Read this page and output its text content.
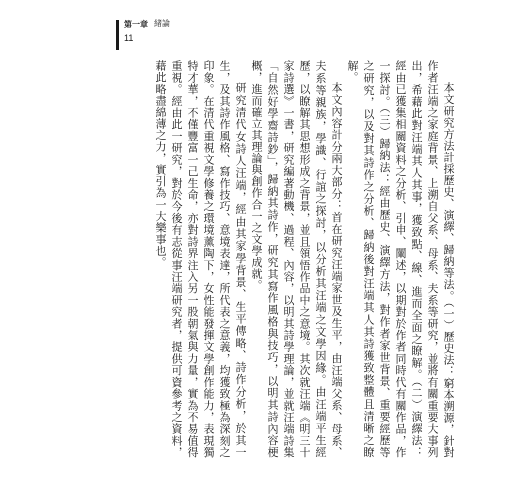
第一章 緒論
11

本文研究方法計採歷史、演繹、歸納等法。（一）歷史法：窮本溯源，針對作者汪端之家庭背景、上溯自父系、母系、夫系等研究，並將有關重要大事列出，希藉此對汪端其人其事，獲致點、線、進而全面之瞭解。（二）演繹法：經由已獲集相關資料之分析、引申、闡述，以期對於作者同時代有關作品，作一探討。（三）歸納法：經由歷史、演繹方法，對作者家世背景、重要經歷等之研究，以及對其詩作之分析、歸納後對汪端其人其詩獲致整體且清晰之瞭解。

本文內容計分兩大部分：首在研究汪端家世及生平，由汪端父系、母系、夫系等親族，學識、行誼之探討，以分析其汪端之文學因緣。由汪端平生經歷，以瞭解其思想形成之背景，並且領悟作品中之意境。其次就汪端《明三十家詩選》一書，研究編著動機、過程、內容，以明其詩學理論，並就汪端詩集「自然好學齋詩鈔」，歸納其詩作，研究其寫作風格與技巧，以明其詩內容梗概，進而確立其理論與創作合一之文學成就。

研究清代女詩人汪端，經由其家學背景、生平傳略、詩作分析，於其一生，及其詩作風格、寫作技巧、意境表達，所代表之意義，均獲致極為深刻之印象。在清代重視文學修養之環境薰陶下，女性能發揮文學創作能力，表現獨特才華，不僅豐富一己生命，亦對詩界注入另一股朝氣與力量，實為不易值得重視。經由此一研究，對於今後有志從事汪端研究者，提供可資參考之資料，藉此略盡綿薄之力，實引為一大樂事也。
